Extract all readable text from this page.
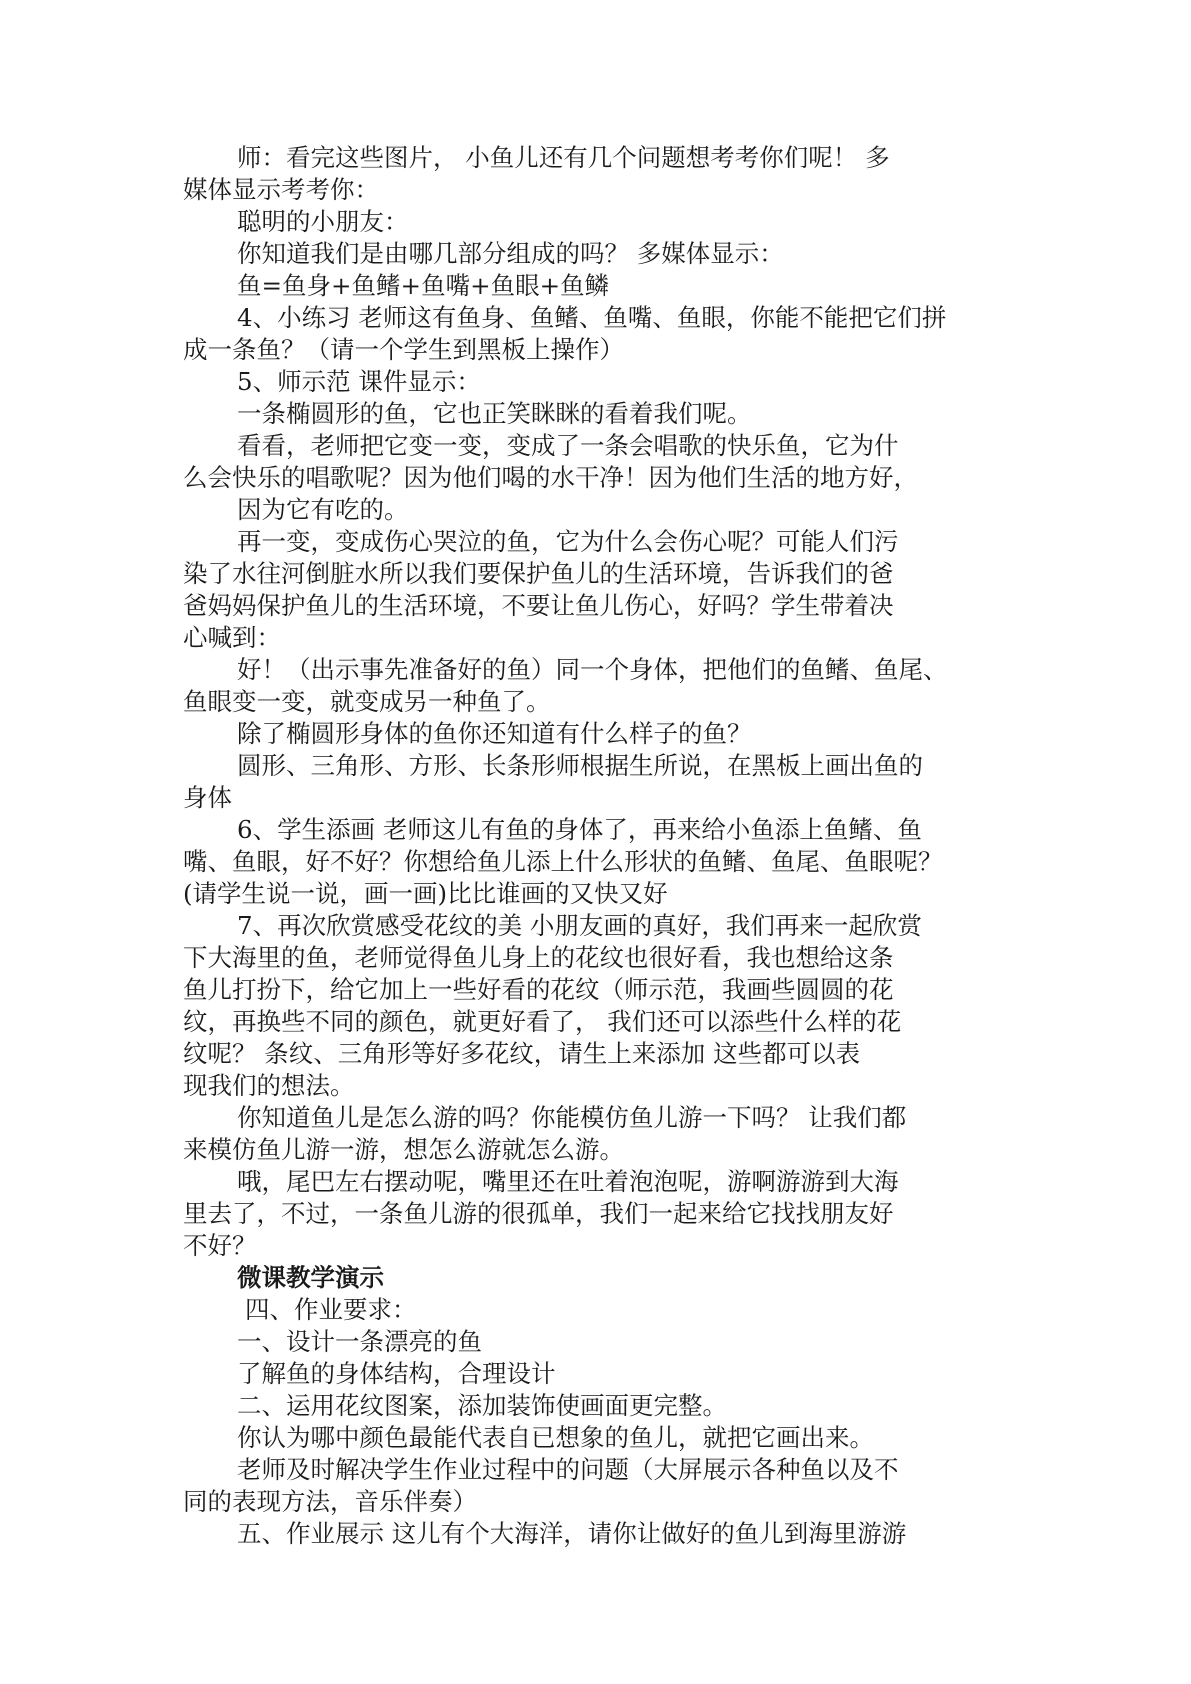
师：看完这些图片， 小鱼儿还有几个问题想考考你们呢！ 多

媒体显示考考你：

聪明的小朋友：

你知道我们是由哪几部分组成的吗？ 多媒体显示：

鱼=鱼身+鱼鳍+鱼嘴+鱼眼+鱼鳞

4、小练习 老师这有鱼身、鱼鳍、鱼嘴、鱼眼，你能不能把它们拼

成一条鱼？（请一个学生到黑板上操作）

5、师示范 课件显示：

一条椭圆形的鱼，它也正笑眯眯的看着我们呢。

看看，老师把它变一变，变成了一条会唱歌的快乐鱼，它为什

么会快乐的唱歌呢？因为他们喝的水干净！因为他们生活的地方好，

因为它有吃的。

再一变，变成伤心哭泣的鱼，它为什么会伤心呢？可能人们污

染了水往河倒脏水所以我们要保护鱼儿的生活环境，告诉我们的爸

爸妈妈保护鱼儿的生活环境，不要让鱼儿伤心，好吗？学生带着决

心喊到：

好！（出示事先准备好的鱼）同一个身体，把他们的鱼鳍、鱼尾、

鱼眼变一变，就变成另一种鱼了。

除了椭圆形身体的鱼你还知道有什么样子的鱼？

圆形、三角形、方形、长条形师根据生所说，在黑板上画出鱼的

身体

6、学生添画 老师这儿有鱼的身体了，再来给小鱼添上鱼鳍、鱼

嘴、鱼眼，好不好？你想给鱼儿添上什么形状的鱼鳍、鱼尾、鱼眼呢？

(请学生说一说，画一画)比比谁画的又快又好

7、再次欣赏感受花纹的美 小朋友画的真好，我们再来一起欣赏

下大海里的鱼，老师觉得鱼儿身上的花纹也很好看，我也想给这条

鱼儿打扮下，给它加上一些好看的花纹（师示范，我画些圆圆的花

纹，再换些不同的颜色，就更好看了， 我们还可以添些什么样的花

纹呢？ 条纹、三角形等好多花纹，请生上来添加 这些都可以表

现我们的想法。

你知道鱼儿是怎么游的吗？你能模仿鱼儿游一下吗？ 让我们都

来模仿鱼儿游一游，想怎么游就怎么游。

哦，尾巴左右摆动呢，嘴里还在吐着泡泡呢，游啊游游到大海

里去了，不过，一条鱼儿游的很孤单，我们一起来给它找找朋友好

不好？

微课教学演示

四、作业要求：

一、设计一条漂亮的鱼

了解鱼的身体结构，合理设计

二、运用花纹图案，添加装饰使画面更完整。

你认为哪中颜色最能代表自已想象的鱼儿，就把它画出来。

老师及时解决学生作业过程中的问题（大屏展示各种鱼以及不

同的表现方法，音乐伴奏）

五、作业展示 这儿有个大海洋，请你让做好的鱼儿到海里游游
